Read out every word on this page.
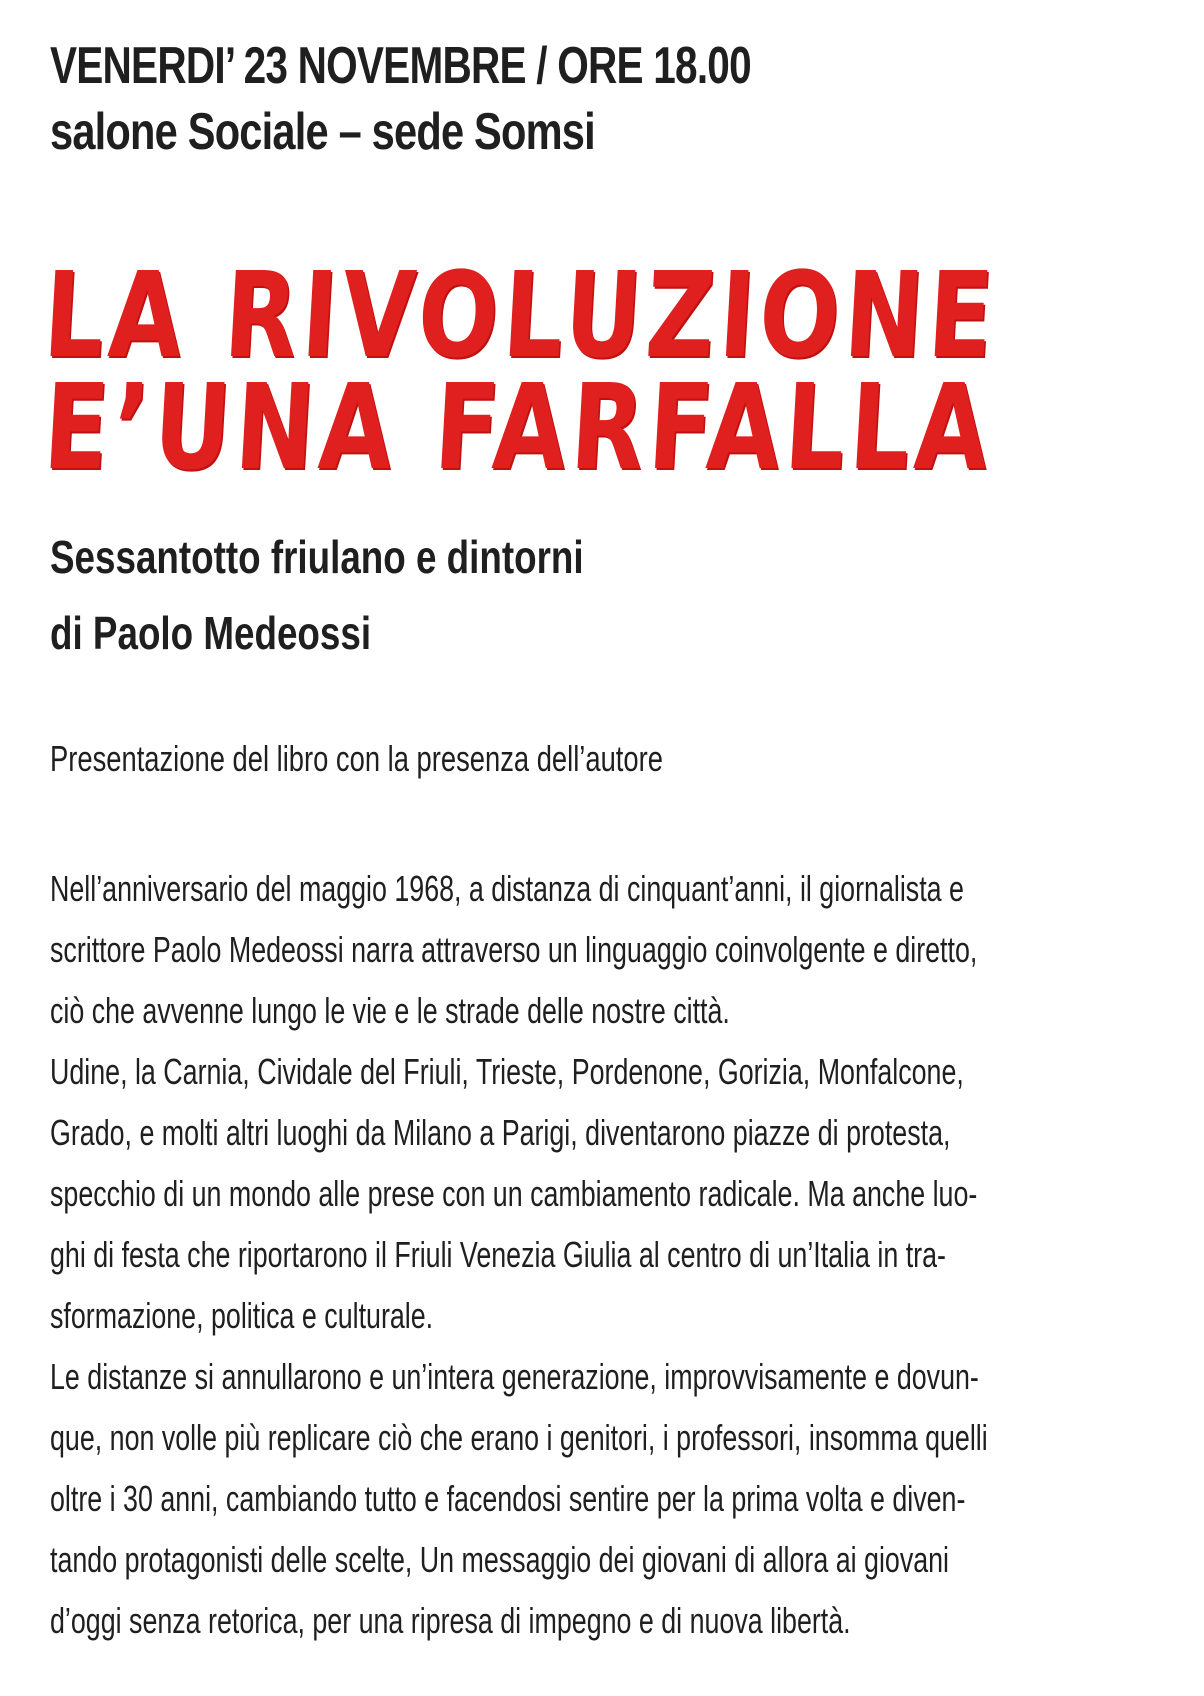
VENERDI’ 23 NOVEMBRE / ORE 18.00
salone Sociale – sede Somsi
LA RIVOLUZIONE
E’UNA FARFALLA
Sessantotto friulano e dintorni
di Paolo Medeossi
Presentazione del libro con la presenza dell’autore
Nell’anniversario del maggio 1968, a distanza di cinquant’anni, il giornalista e
scrittore Paolo Medeossi narra attraverso un linguaggio coinvolgente e diretto,
ciò che avvenne lungo le vie e le strade delle nostre città.
Udine, la Carnia, Cividale del Friuli, Trieste, Pordenone, Gorizia, Monfalcone,
Grado, e molti altri luoghi da Milano a Parigi, diventarono piazze di protesta,
specchio di un mondo alle prese con un cambiamento radicale. Ma anche luo-
ghi di festa che riportarono il Friuli Venezia Giulia al centro di un’Italia in tra-
sformazione, politica e culturale.
Le distanze si annullarono e un’intera generazione, improvvisamente e dovun-
que, non volle più replicare ciò che erano i genitori, i professori, insomma quelli
oltre i 30 anni, cambiando tutto e facendosi sentire per la prima volta e diven-
tando protagonisti delle scelte, Un messaggio dei giovani di allora ai giovani
d’oggi senza retorica, per una ripresa di impegno e di nuova libertà.
